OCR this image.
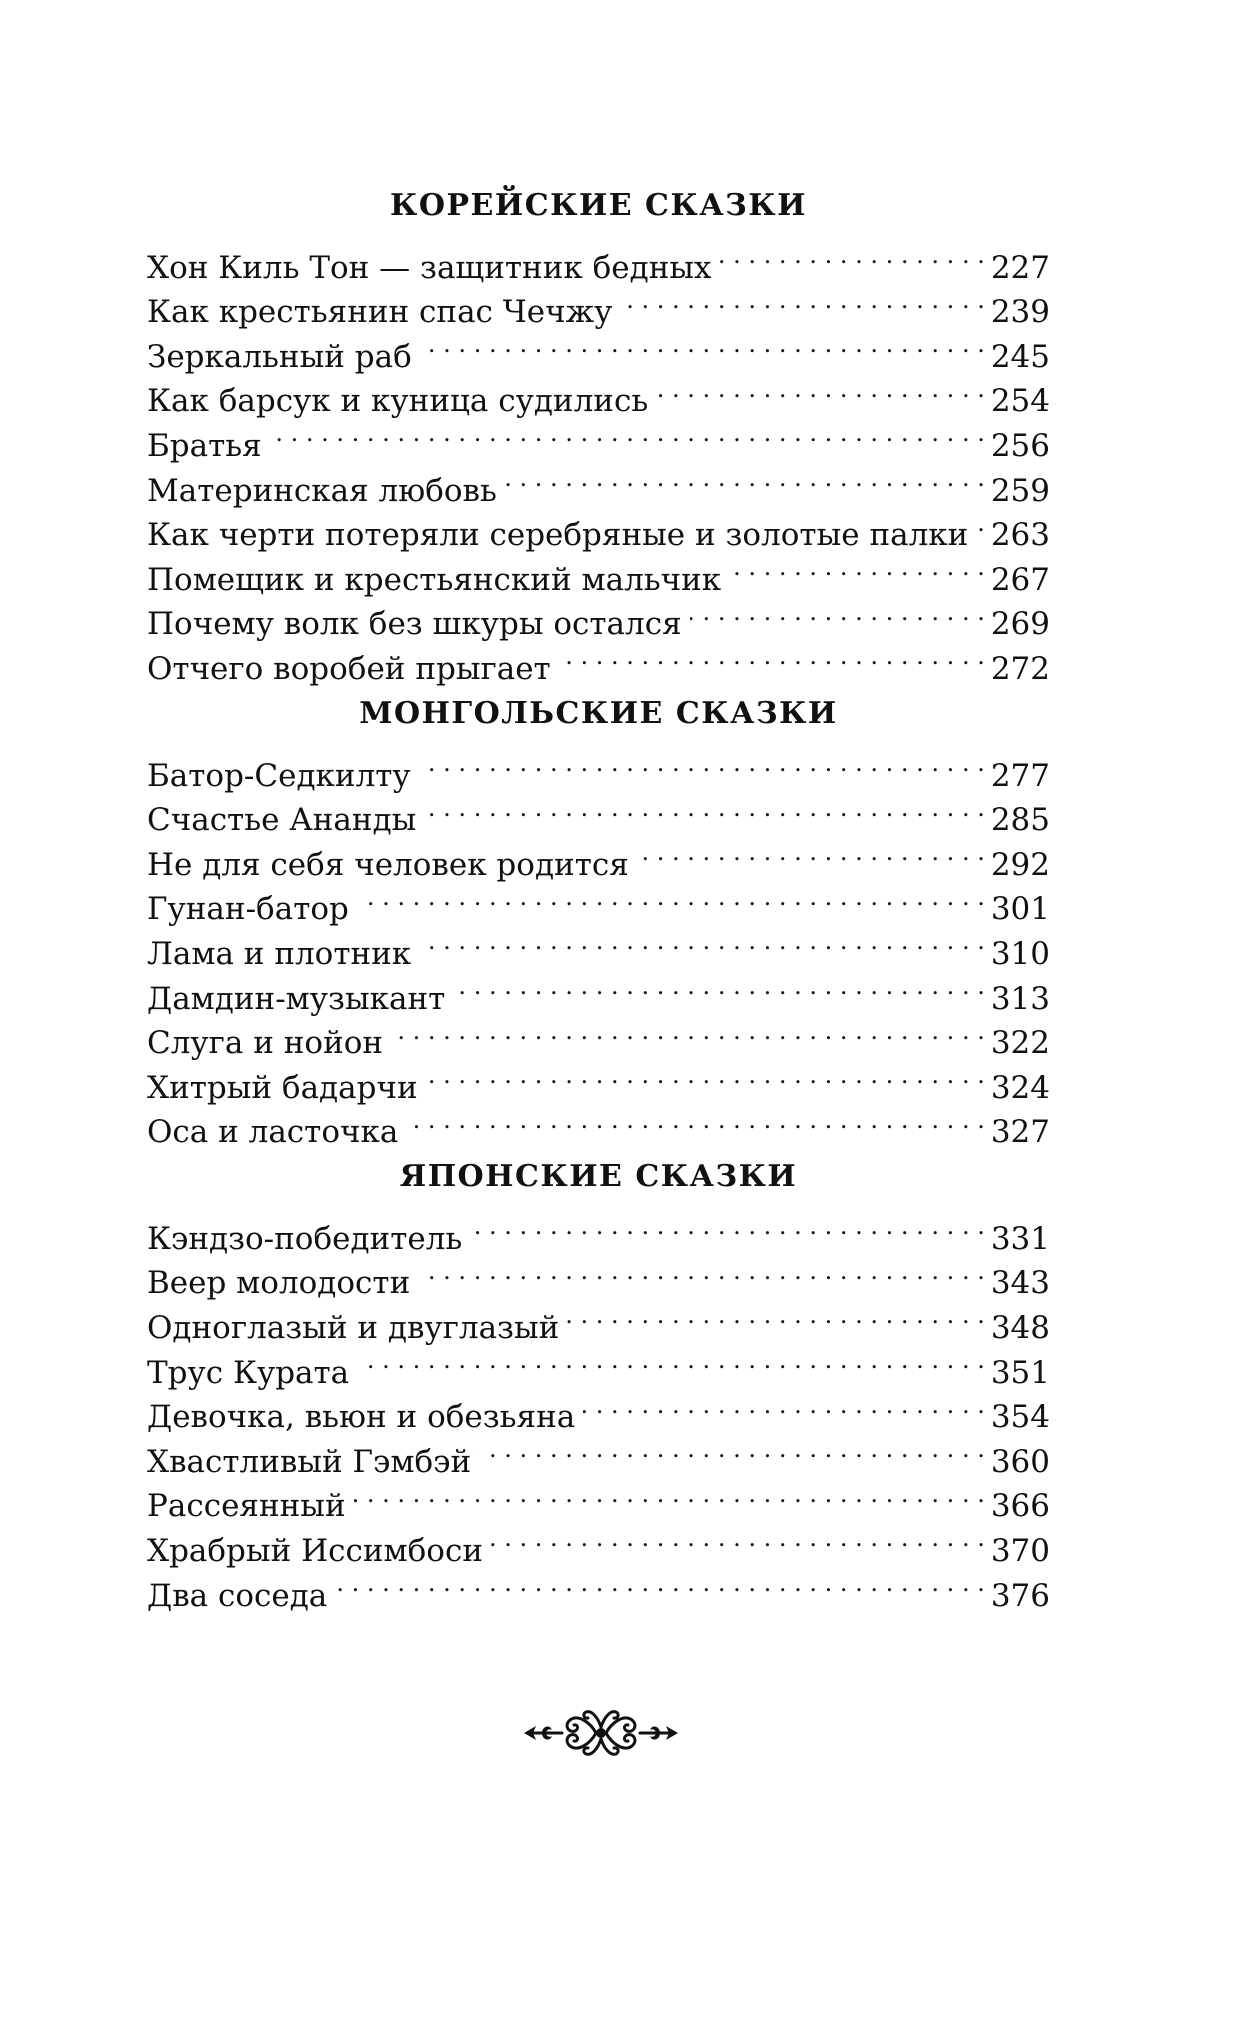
КОРЕЙСКИЕ СКАЗКИ
Хон Киль Тон — защитник бедных . . .	227
Как крестьянин спас Чечжу . . .	239
Зеркальный раб . . .	245
Как барсук и куница судились . . .	254
Братья . . .	256
Материнская любовь . . .	259
Как черти потеряли серебряные и золотые палки . . . 263
Помещик и крестьянский мальчик . . .	267
Почему волк без шкуры остался . . .	269
Отчего воробей прыгает . . .	272
МОНГОЛЬСКИЕ СКАЗКИ
Батор-Седкилту . . .	277
Счастье Ананды . . .	285
Не для себя человек родится . . .	292
Гунан-батор . . .	301
Лама и плотник . . .	310
Дамдин-музыкант . . .	313
Слуга и нойон . . .	322
Хитрый бадарчи . . .	324
Оса и ласточка . . .	327
ЯПОНСКИЕ СКАЗКИ
Кэндзо-победитель . . .	331
Веер молодости . . .	343
Одноглазый и двуглазый . . .	348
Трус Курата . . .	351
Девочка, вьюн и обезьяна . . .	354
Хвастливый Гэмбэй . . .	360
Рассеянный . . .	366
Храбрый Иссимбоси . . .	370
Два соседа . . .	376
